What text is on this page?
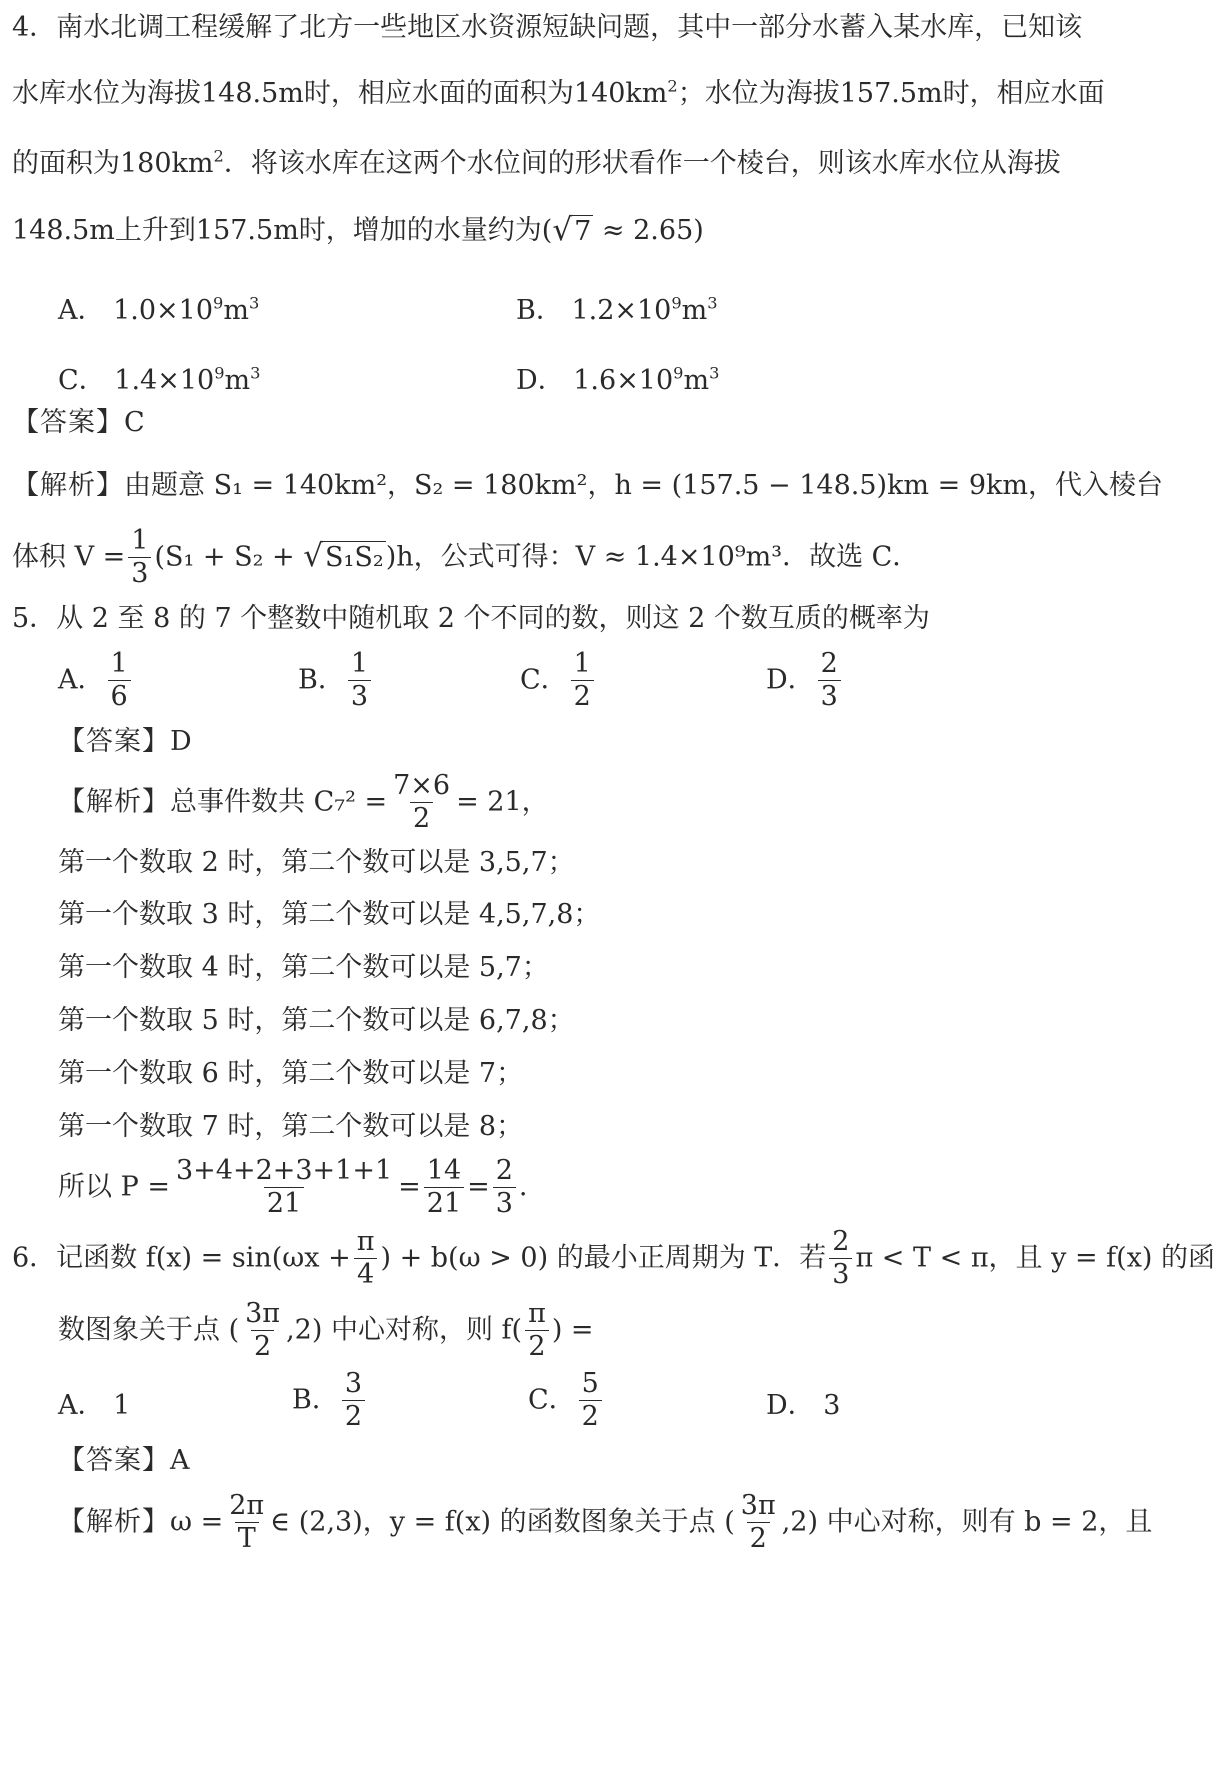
4．南水北调工程缓解了北方一些地区水资源短缺问题，其中一部分水蓄入某水库，已知该
水库水位为海拔148.5m时，相应水面的面积为$140km^2$；水位为海拔157.5m时，相应水面
的面积为$180km^2$．将该水库在这两个水位间的形状看作一个棱台，则该水库水位从海拔
148.5m上升到157.5m时，增加的水量约为( √ 7 ≈ 2.65)
A． $1.0\times 10^9m^3$	B． $1.2\times 10^9m^3$
C． $1.4\times 10^9m^3$	D． $1.6\times 10^9m^3$
【答案】C
【解析】由题意 S₁ = 140km²，S₂ = 180km²，h = (157.5 − 148.5)km = 9km，代入棱台
体积 $V = \frac{1}{3} (S_1 + S_2$ + √ S₁S₂ )h，公式可得：V ≈ 1.4×10⁹m³．故选 C．
5．从 2 至 8 的 7 个整数中随机取 2 个不同的数，则这 2 个数互质的概率为
A． $\frac{1}{6}$	B． $\frac{1}{3}$	C． $\frac{1}{2}$	D． $\frac{2}{3}$
【答案】D
【解析】总事件数共 $C_7^2 = \frac{7\times 6}{2} = 21$，
第一个数取 2 时，第二个数可以是 3,5,7；
第一个数取 3 时，第二个数可以是 4,5,7,8；
第一个数取 4 时，第二个数可以是 5,7；
第一个数取 5 时，第二个数可以是 6,7,8；
第一个数取 6 时，第二个数可以是 7；
第一个数取 7 时，第二个数可以是 8；
所以 $P = \frac{3+4+2+3+1+1}{21} = \frac{14}{21} = \frac{2}{3}$ ．
6．记函数 $f(x) = \sin(\omega x + \frac{\pi}{4}$ ) + b(ω > 0) 的最小正周期为 T．若 $\frac{2}{3}$ π < T < π，且 y = f(x) 的函
数图象关于点 ( $\frac{3\pi}{2} ,2$) 中心对称，则 $f( \frac{\pi}{2}$ ) =
A． 1	B． $\frac{3}{2}$	C． $\frac{5}{2}$	D． 3
【答案】A
【解析】$\omega = \frac{2\pi}{T}$ ∈ (2,3)，y = f(x) 的函数图象关于点 ( $\frac{3\pi}{2} ,2$) 中心对称，则有 b = 2，且
